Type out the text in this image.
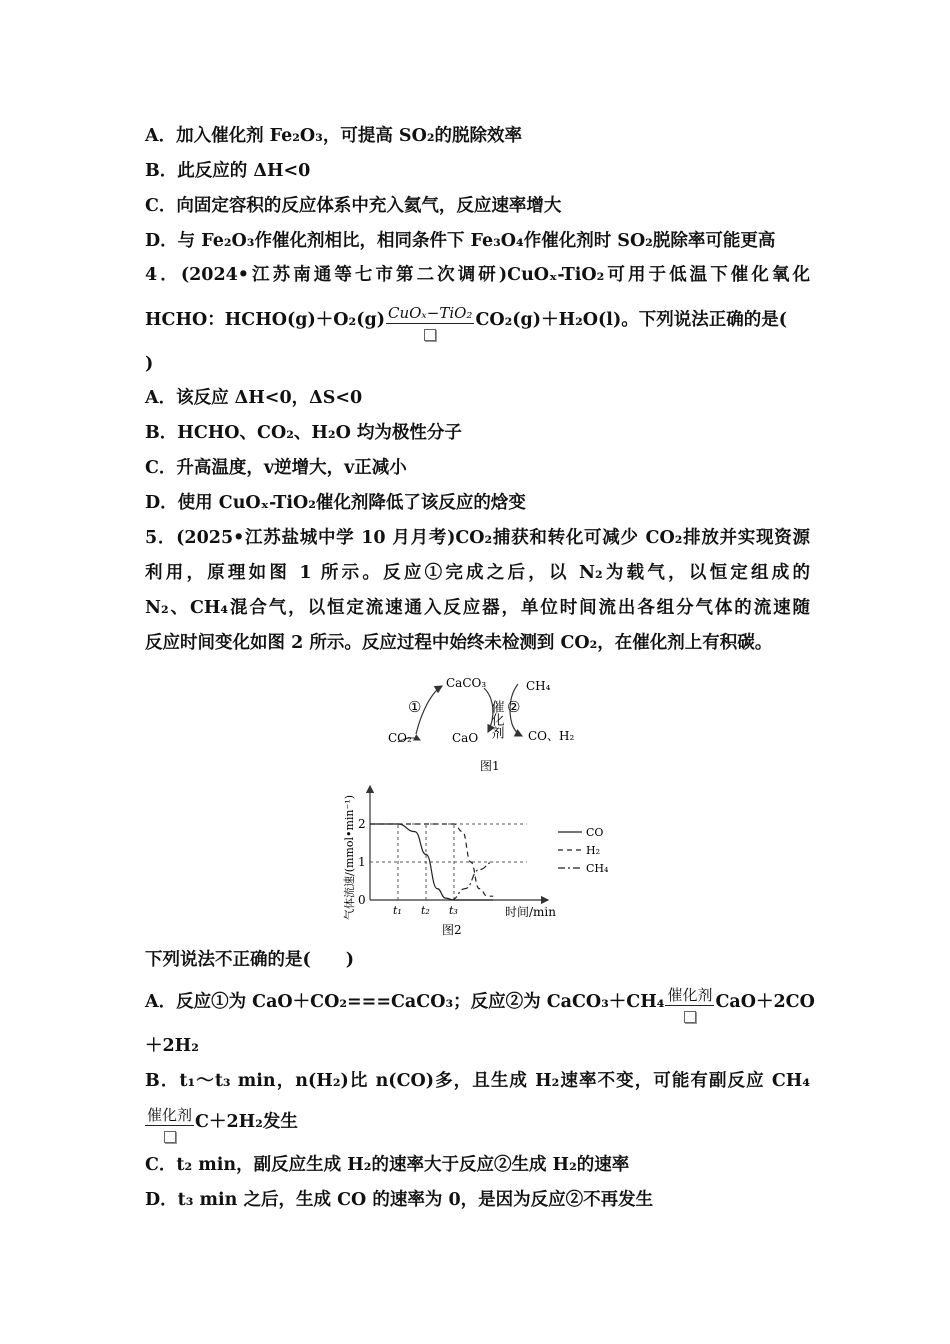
A．加入催化剂 Fe₂O₃，可提高 SO₂的脱除效率
B．此反应的 ΔH<0
C．向固定容积的反应体系中充入氦气，反应速率增大
D．与 Fe₂O₃作催化剂相比，相同条件下 Fe₃O₄作催化剂时 SO₂脱除率可能更高
4．(2024•江苏南通等七市第二次调研)CuOₓ-TiO₂可用于低温下催化氧化
HCHO：HCHO(g)＋O₂(g) CuOₓ−TiO₂ CO₂(g)＋H₂O(l)。下列说法正确的是(
)
A．该反应 ΔH<0，ΔS<0
B．HCHO、CO₂、H₂O 均为极性分子
C．升高温度，v逆增大，v正减小
D．使用 CuOₓ-TiO₂催化剂降低了该反应的焓变
5．(2025•江苏盐城中学 10 月月考)CO₂捕获和转化可减少 CO₂排放并实现资源
利用，原理如图 1 所示。反应①完成之后，以 N₂为载气，以恒定组成的
N₂、CH₄混合气，以恒定流速通入反应器，单位时间流出各组分气体的流速随
反应时间变化如图 2 所示。反应过程中始终未检测到 CO₂，在催化剂上有积碳。
CaCO₃
CaO
CO₂
CH₄
CO、H₂
①	②
催化剂
图1
气体流速/(mmol•min⁻¹) 0
1
2
t₁ t₂ t₃	时间/min
图2
CO
H₂
CH₄
下列说法不正确的是(　　)
A．反应①为 CaO＋CO₂===CaCO₃；反应②为 CaCO₃＋CH₄ 催化剂 CaO＋2CO
＋2H₂
B．t₁～t₃ min，n(H₂)比 n(CO)多，且生成 H₂速率不变，可能有副反应 CH₄
催化剂 C＋2H₂发生
C．t₂ min，副反应生成 H₂的速率大于反应②生成 H₂的速率
D．t₃ min 之后，生成 CO 的速率为 0，是因为反应②不再发生
